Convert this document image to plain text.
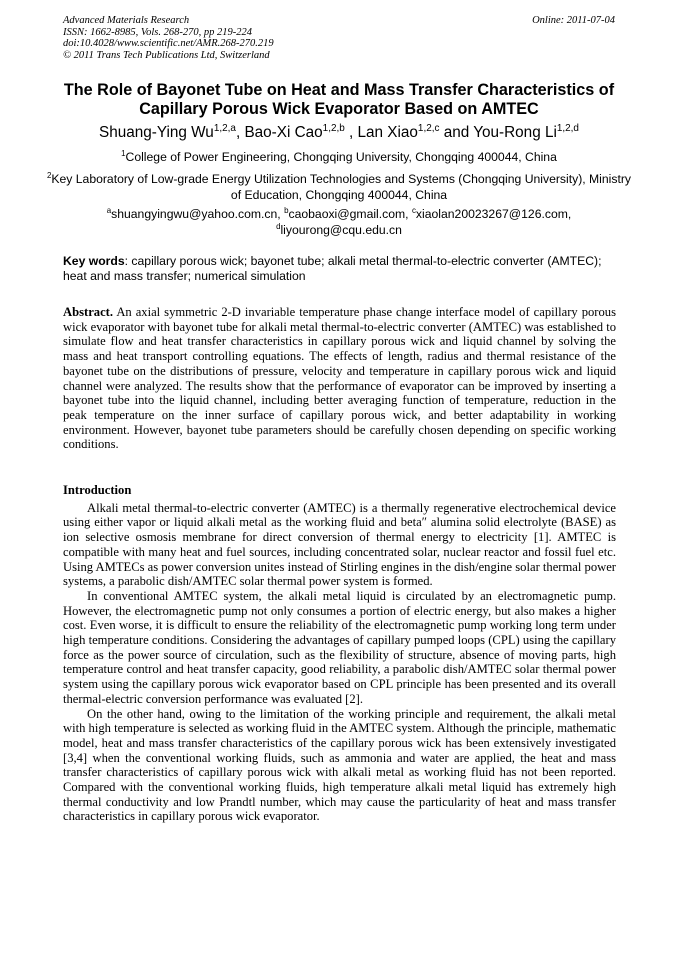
Advanced Materials Research
ISSN: 1662-8985, Vols. 268-270, pp 219-224
doi:10.4028/www.scientific.net/AMR.268-270.219
© 2011 Trans Tech Publications Ltd, Switzerland
Online: 2011-07-04
The Role of Bayonet Tube on Heat and Mass Transfer Characteristics of Capillary Porous Wick Evaporator Based on AMTEC
Shuang-Ying Wu$^{1,2,a}$, Bao-Xi Cao$^{1,2,b}$ , Lan Xiao$^{1,2,c}$ and You-Rong Li$^{1,2,d}$
$^1$College of Power Engineering, Chongqing University, Chongqing 400044, China
$^2$Key Laboratory of Low-grade Energy Utilization Technologies and Systems (Chongqing University), Ministry of Education, Chongqing 400044, China
$^a$shuangyingwu@yahoo.com.cn, $^b$caobaoxi@gmail.com, $^c$xiaolan20023267@126.com, $^d$liyourong@cqu.edu.cn
Key words: capillary porous wick; bayonet tube; alkali metal thermal-to-electric converter (AMTEC); heat and mass transfer; numerical simulation

Abstract. An axial symmetric 2-D invariable temperature phase change interface model of capillary porous wick evaporator with bayonet tube for alkali metal thermal-to-electric converter (AMTEC) was established to simulate flow and heat transfer characteristics in capillary porous wick and liquid channel by solving the mass and heat transport controlling equations. The effects of length, radius and thermal resistance of the bayonet tube on the distributions of pressure, velocity and temperature in capillary porous wick and liquid channel were analyzed. The results show that the performance of evaporator can be improved by inserting a bayonet tube into the liquid channel, including better averaging function of temperature, reduction in the peak temperature on the inner surface of capillary porous wick, and better adaptability in working environment. However, bayonet tube parameters should be carefully chosen depending on specific working conditions.

Introduction

Alkali metal thermal-to-electric converter (AMTEC) is a thermally regenerative electrochemical device using either vapor or liquid alkali metal as the working fluid and beta″ alumina solid electrolyte (BASE) as ion selective osmosis membrane for direct conversion of thermal energy to electricity [1]. AMTEC is compatible with many heat and fuel sources, including concentrated solar, nuclear reactor and fossil fuel etc. Using AMTECs as power conversion unites instead of Stirling engines in the dish/engine solar thermal power systems, a parabolic dish/AMTEC solar thermal power system is formed.

In conventional AMTEC system, the alkali metal liquid is circulated by an electromagnetic pump. However, the electromagnetic pump not only consumes a portion of electric energy, but also makes a higher cost. Even worse, it is difficult to ensure the reliability of the electromagnetic pump working long term under high temperature conditions. Considering the advantages of capillary pumped loops (CPL) using the capillary force as the power source of circulation, such as the flexibility of structure, absence of moving parts, high temperature control and heat transfer capacity, good reliability, a parabolic dish/AMTEC solar thermal power system using the capillary porous wick evaporator based on CPL principle has been presented and its overall thermal-electric conversion performance was evaluated [2].

On the other hand, owing to the limitation of the working principle and requirement, the alkali metal with high temperature is selected as working fluid in the AMTEC system. Although the principle, mathematic model, heat and mass transfer characteristics of the capillary porous wick has been extensively investigated [3,4] when the conventional working fluids, such as ammonia and water are applied, the heat and mass transfer characteristics of capillary porous wick with alkali metal as working fluid has not been reported. Compared with the conventional working fluids, high temperature alkali metal liquid has extremely high thermal conductivity and low Prandtl number, which may cause the particularity of heat and mass transfer characteristics in capillary porous wick evaporator.
